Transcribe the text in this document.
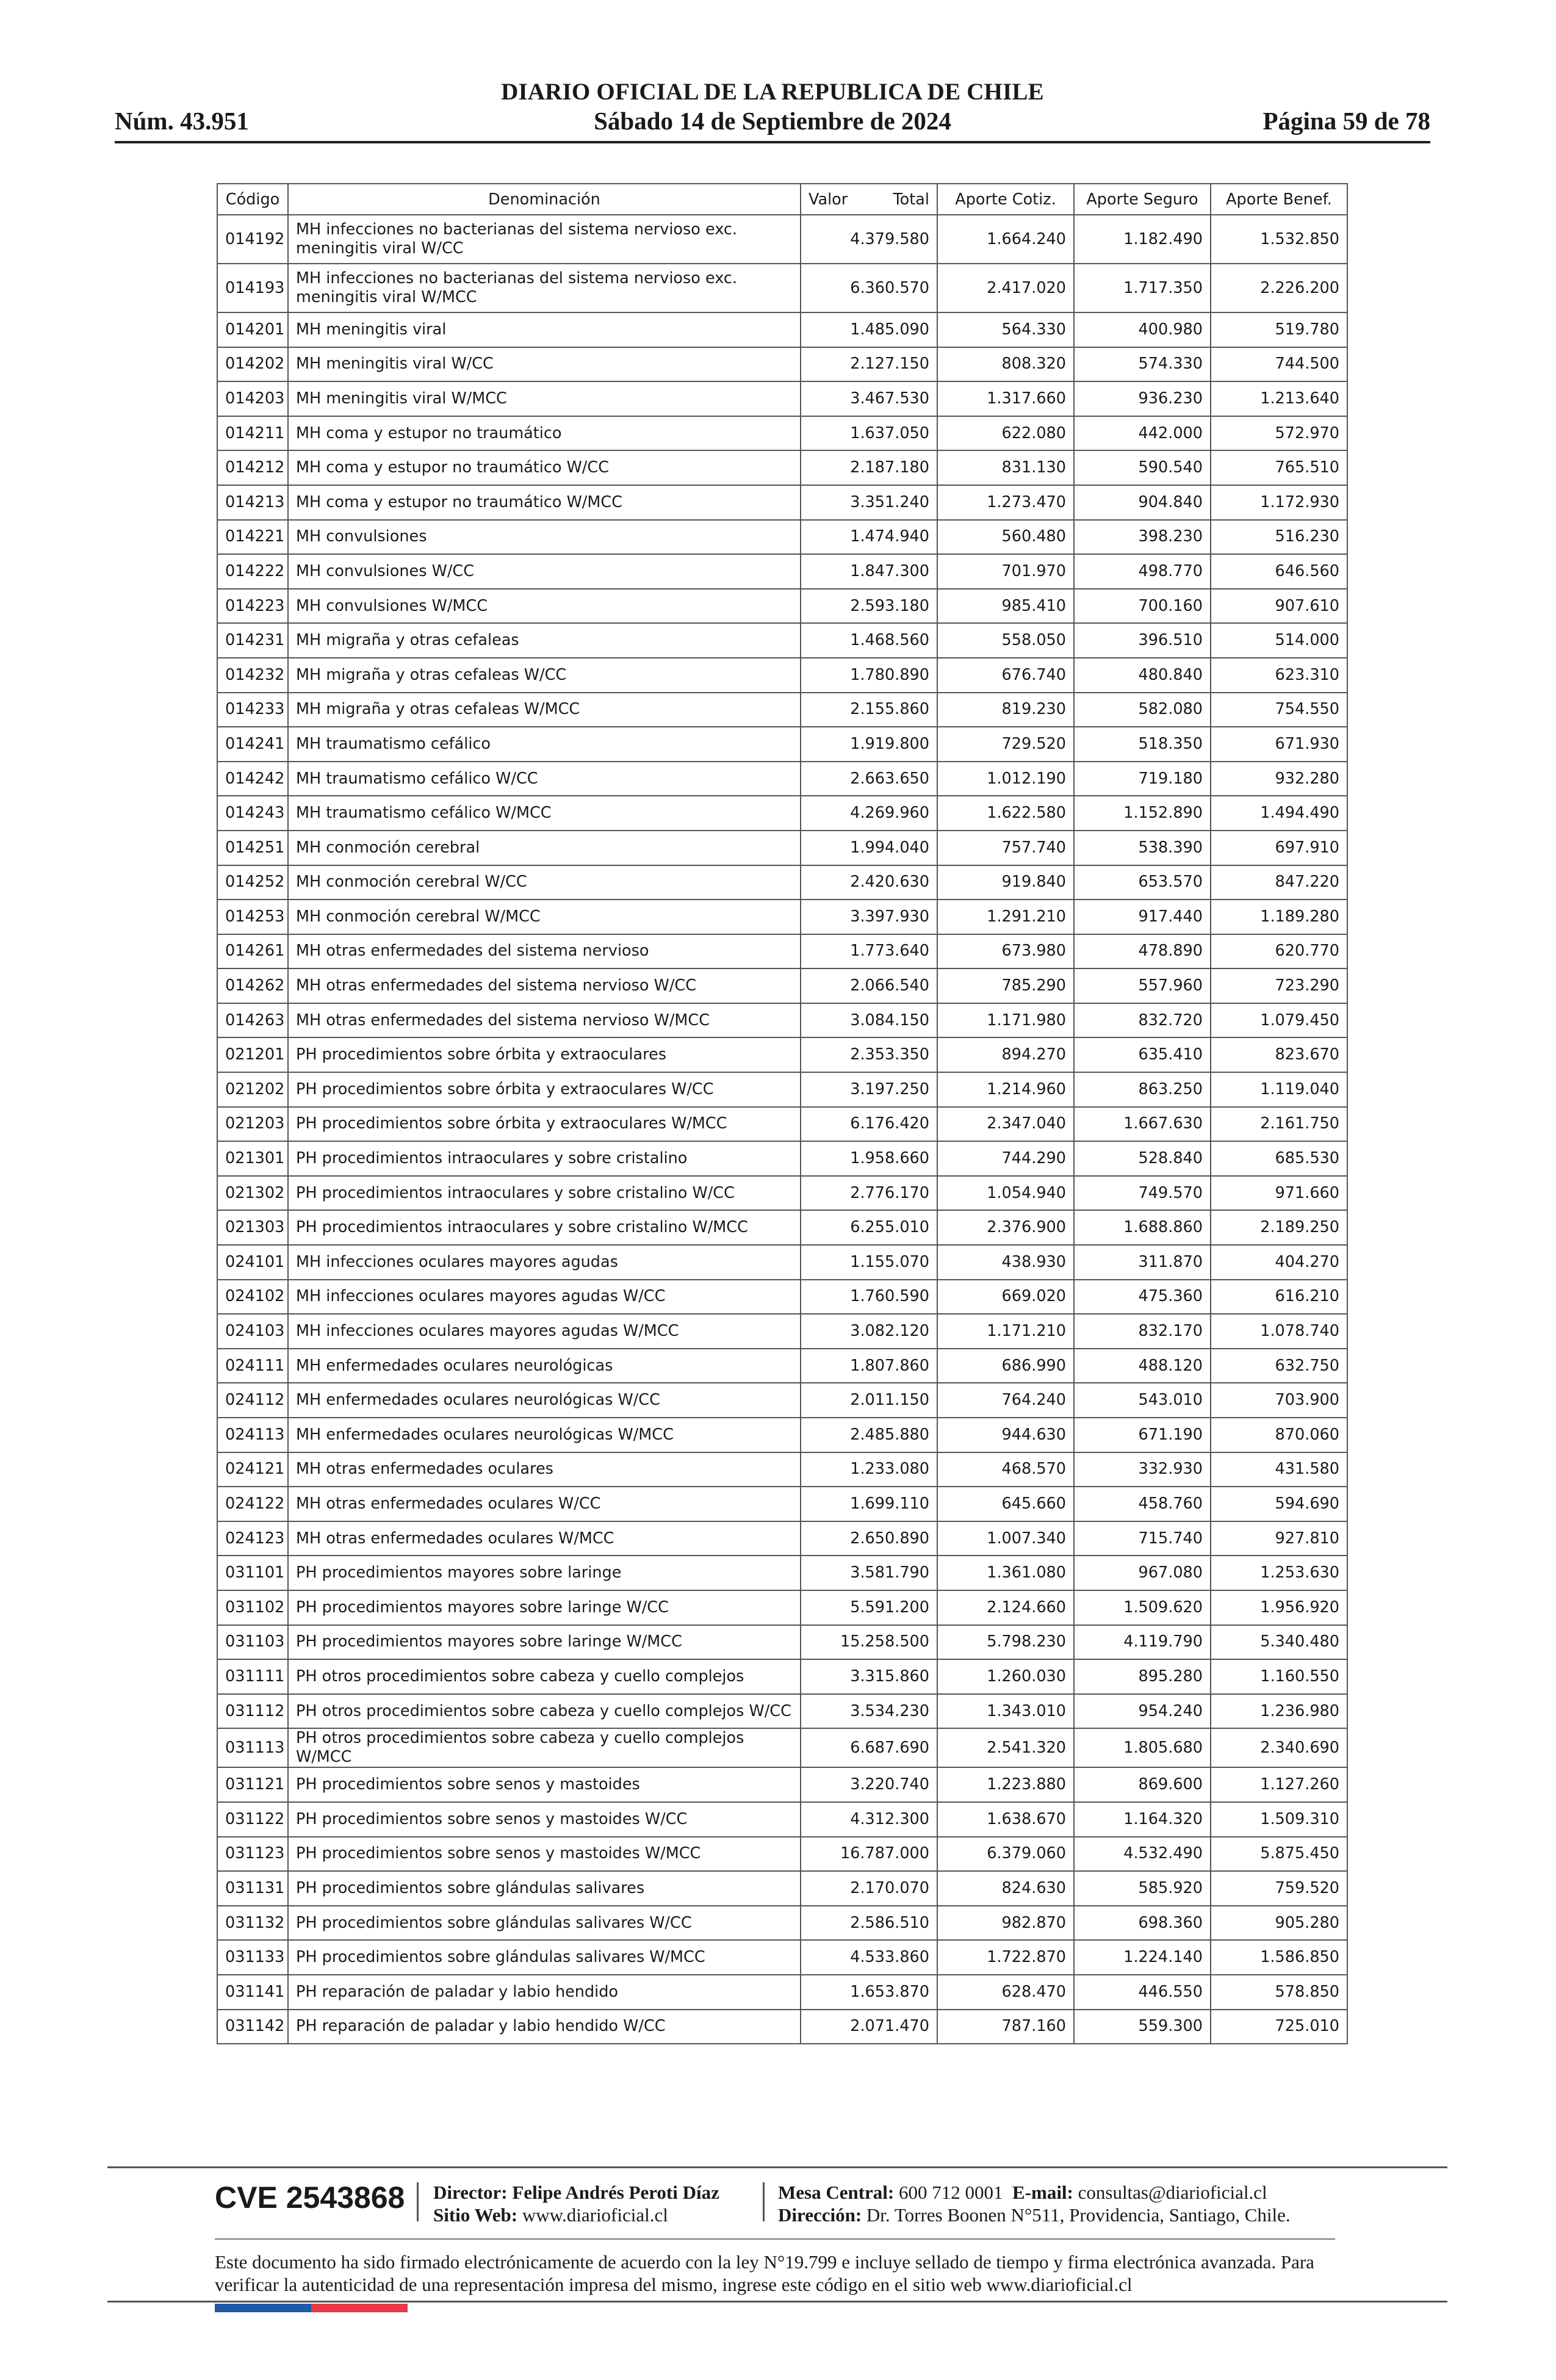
DIARIO OFICIAL DE LA REPUBLICA DE CHILE
Núm. 43.951	Sábado 14 de Septiembre de 2024	Página 59 de 78
Código	Denominación	Valor Total	Aporte Cotiz.	Aporte Seguro	Aporte Benef.
014192	MH infecciones no bacterianas del sistema nervioso exc. meningitis viral W/CC	4.379.580	1.664.240	1.182.490	1.532.850
014193	MH infecciones no bacterianas del sistema nervioso exc. meningitis viral W/MCC	6.360.570	2.417.020	1.717.350	2.226.200
014201	MH meningitis viral	1.485.090	564.330	400.980	519.780
014202	MH meningitis viral W/CC	2.127.150	808.320	574.330	744.500
014203	MH meningitis viral W/MCC	3.467.530	1.317.660	936.230	1.213.640
014211	MH coma y estupor no traumático	1.637.050	622.080	442.000	572.970
014212	MH coma y estupor no traumático W/CC	2.187.180	831.130	590.540	765.510
014213	MH coma y estupor no traumático W/MCC	3.351.240	1.273.470	904.840	1.172.930
014221	MH convulsiones	1.474.940	560.480	398.230	516.230
014222	MH convulsiones W/CC	1.847.300	701.970	498.770	646.560
014223	MH convulsiones W/MCC	2.593.180	985.410	700.160	907.610
014231	MH migraña y otras cefaleas	1.468.560	558.050	396.510	514.000
014232	MH migraña y otras cefaleas W/CC	1.780.890	676.740	480.840	623.310
014233	MH migraña y otras cefaleas W/MCC	2.155.860	819.230	582.080	754.550
014241	MH traumatismo cefálico	1.919.800	729.520	518.350	671.930
014242	MH traumatismo cefálico W/CC	2.663.650	1.012.190	719.180	932.280
014243	MH traumatismo cefálico W/MCC	4.269.960	1.622.580	1.152.890	1.494.490
014251	MH conmoción cerebral	1.994.040	757.740	538.390	697.910
014252	MH conmoción cerebral W/CC	2.420.630	919.840	653.570	847.220
014253	MH conmoción cerebral W/MCC	3.397.930	1.291.210	917.440	1.189.280
014261	MH otras enfermedades del sistema nervioso	1.773.640	673.980	478.890	620.770
014262	MH otras enfermedades del sistema nervioso W/CC	2.066.540	785.290	557.960	723.290
014263	MH otras enfermedades del sistema nervioso W/MCC	3.084.150	1.171.980	832.720	1.079.450
021201	PH procedimientos sobre órbita y extraoculares	2.353.350	894.270	635.410	823.670
021202	PH procedimientos sobre órbita y extraoculares W/CC	3.197.250	1.214.960	863.250	1.119.040
021203	PH procedimientos sobre órbita y extraoculares W/MCC	6.176.420	2.347.040	1.667.630	2.161.750
021301	PH procedimientos intraoculares y sobre cristalino	1.958.660	744.290	528.840	685.530
021302	PH procedimientos intraoculares y sobre cristalino W/CC	2.776.170	1.054.940	749.570	971.660
021303	PH procedimientos intraoculares y sobre cristalino W/MCC	6.255.010	2.376.900	1.688.860	2.189.250
024101	MH infecciones oculares mayores agudas	1.155.070	438.930	311.870	404.270
024102	MH infecciones oculares mayores agudas W/CC	1.760.590	669.020	475.360	616.210
024103	MH infecciones oculares mayores agudas W/MCC	3.082.120	1.171.210	832.170	1.078.740
024111	MH enfermedades oculares neurológicas	1.807.860	686.990	488.120	632.750
024112	MH enfermedades oculares neurológicas W/CC	2.011.150	764.240	543.010	703.900
024113	MH enfermedades oculares neurológicas W/MCC	2.485.880	944.630	671.190	870.060
024121	MH otras enfermedades oculares	1.233.080	468.570	332.930	431.580
024122	MH otras enfermedades oculares W/CC	1.699.110	645.660	458.760	594.690
024123	MH otras enfermedades oculares W/MCC	2.650.890	1.007.340	715.740	927.810
031101	PH procedimientos mayores sobre laringe	3.581.790	1.361.080	967.080	1.253.630
031102	PH procedimientos mayores sobre laringe W/CC	5.591.200	2.124.660	1.509.620	1.956.920
031103	PH procedimientos mayores sobre laringe W/MCC	15.258.500	5.798.230	4.119.790	5.340.480
031111	PH otros procedimientos sobre cabeza y cuello complejos	3.315.860	1.260.030	895.280	1.160.550
031112	PH otros procedimientos sobre cabeza y cuello complejos W/CC	3.534.230	1.343.010	954.240	1.236.980
031113	PH otros procedimientos sobre cabeza y cuello complejos W/MCC	6.687.690	2.541.320	1.805.680	2.340.690
031121	PH procedimientos sobre senos y mastoides	3.220.740	1.223.880	869.600	1.127.260
031122	PH procedimientos sobre senos y mastoides W/CC	4.312.300	1.638.670	1.164.320	1.509.310
031123	PH procedimientos sobre senos y mastoides W/MCC	16.787.000	6.379.060	4.532.490	5.875.450
031131	PH procedimientos sobre glándulas salivares	2.170.070	824.630	585.920	759.520
031132	PH procedimientos sobre glándulas salivares W/CC	2.586.510	982.870	698.360	905.280
031133	PH procedimientos sobre glándulas salivares W/MCC	4.533.860	1.722.870	1.224.140	1.586.850
031141	PH reparación de paladar y labio hendido	1.653.870	628.470	446.550	578.850
031142	PH reparación de paladar y labio hendido W/CC	2.071.470	787.160	559.300	725.010
CVE 2543868 Director: Felipe Andrés Peroti Díaz
Sitio Web: www.diarioficial.cl
Mesa Central: 600 712 0001 E-mail: consultas@diarioficial.cl
Dirección: Dr. Torres Boonen N°511, Providencia, Santiago, Chile.
Este documento ha sido firmado electrónicamente de acuerdo con la ley N°19.799 e incluye sellado de tiempo y firma electrónica avanzada. Para verificar la autenticidad de una representación impresa del mismo, ingrese este código en el sitio web www.diarioficial.cl
